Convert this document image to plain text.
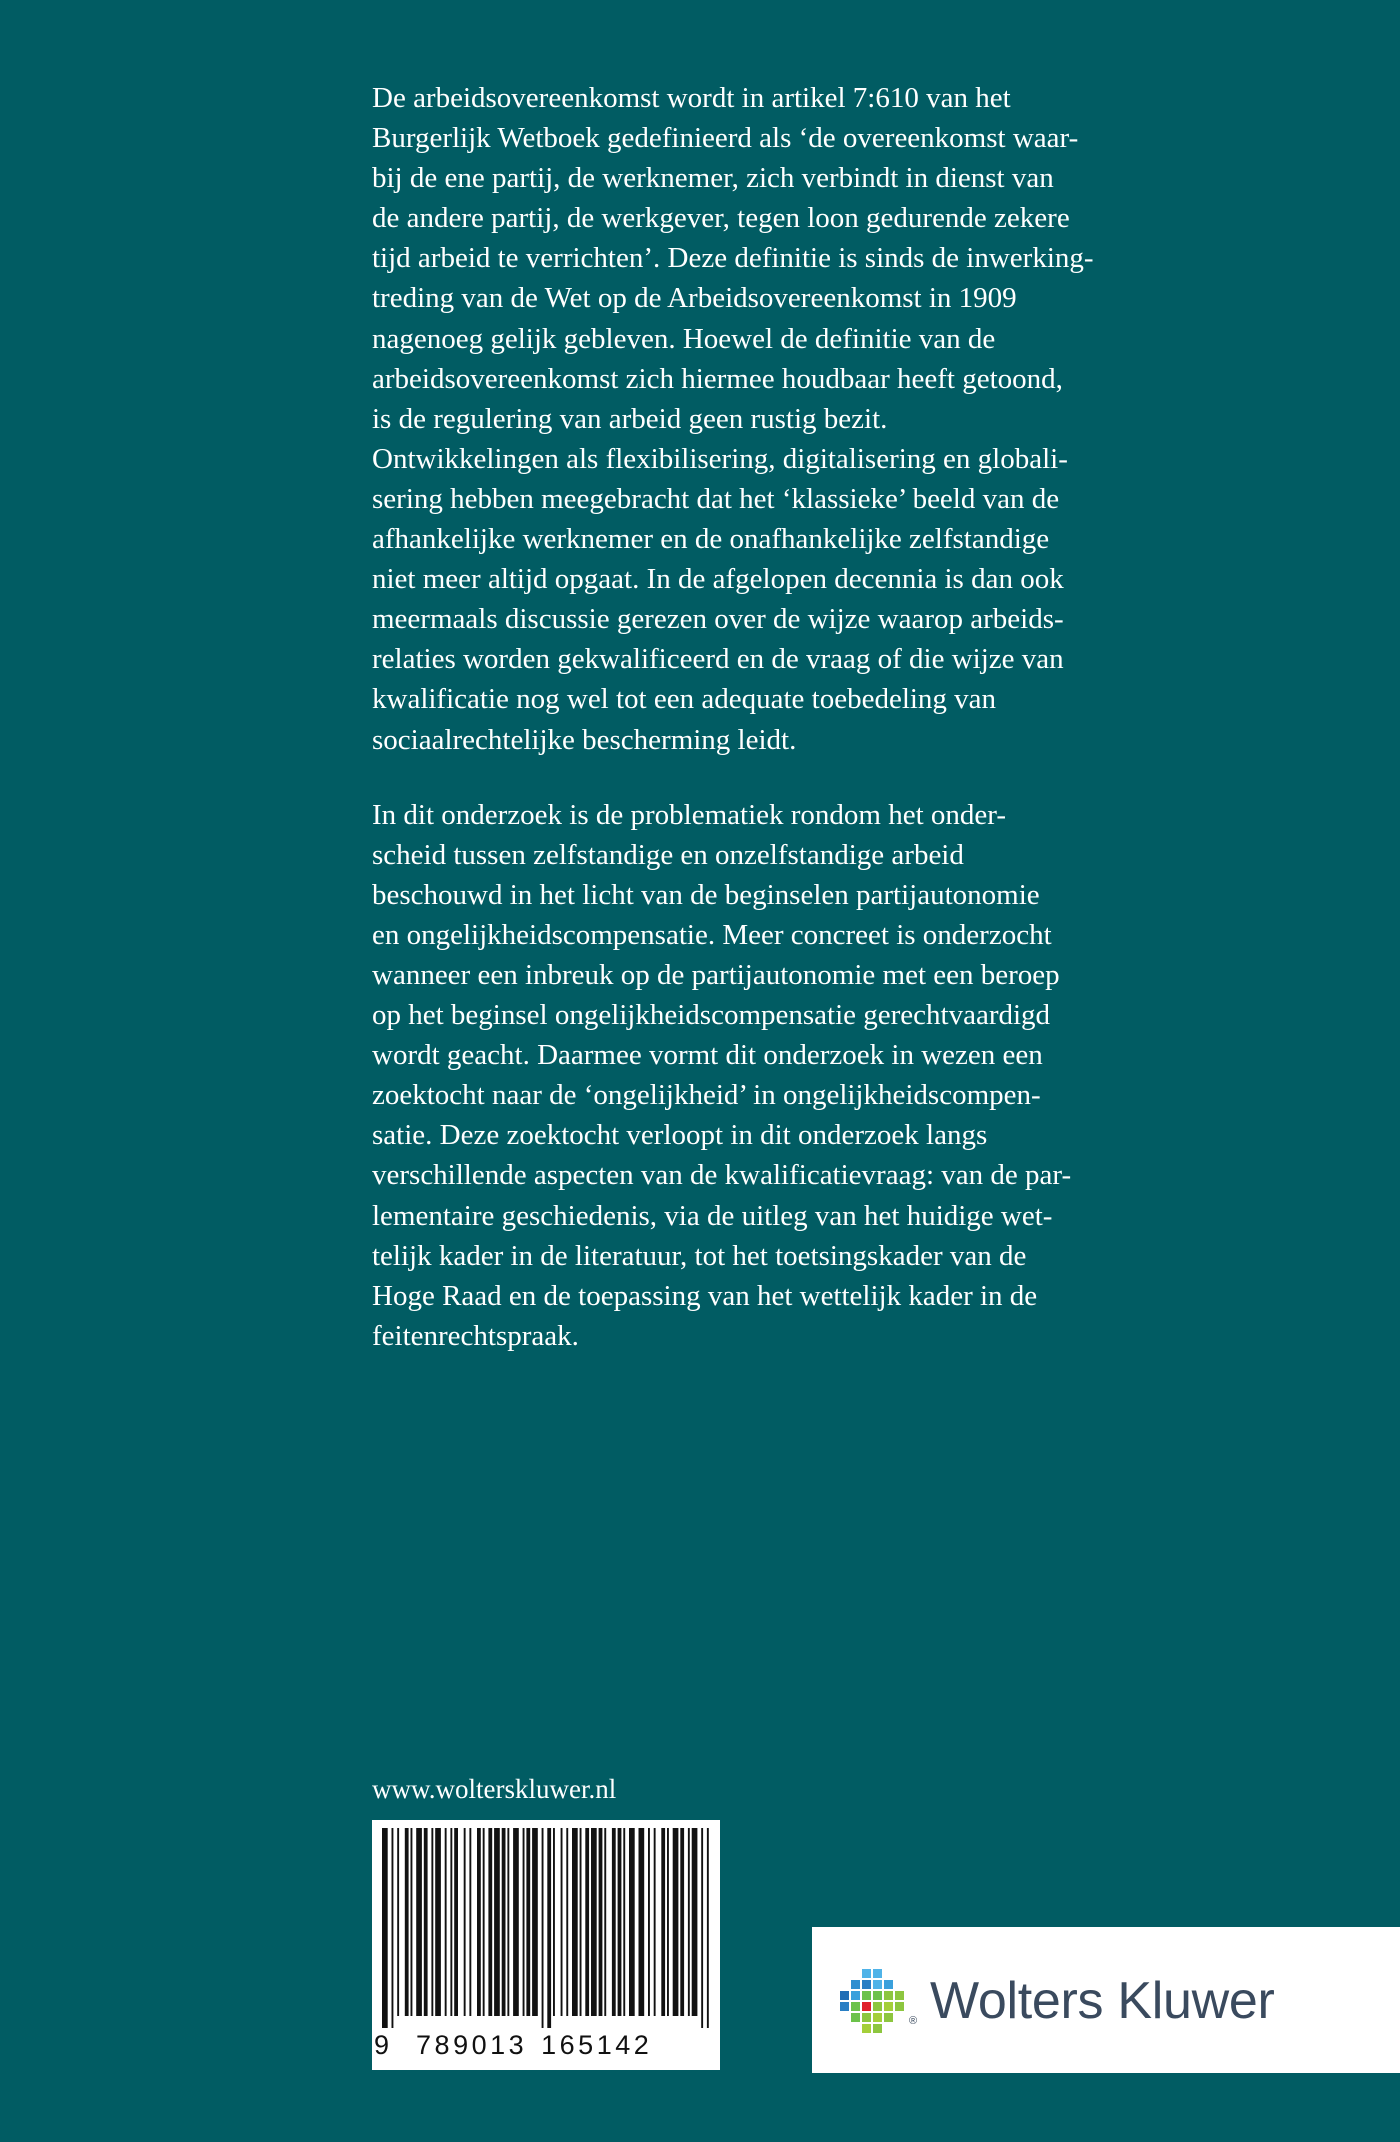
De arbeidsovereenkomst wordt in artikel 7:610 van het
Burgerlijk Wetboek gedefinieerd als ‘de overeenkomst waar-
bij de ene partij, de werknemer, zich verbindt in dienst van
de andere partij, de werkgever, tegen loon gedurende zekere
tijd arbeid te verrichten’. Deze definitie is sinds de inwerking-
treding van de Wet op de Arbeidsovereenkomst in 1909
nagenoeg gelijk gebleven. Hoewel de definitie van de
arbeidsovereenkomst zich hiermee houdbaar heeft getoond,
is de regulering van arbeid geen rustig bezit.
Ontwikkelingen als flexibilisering, digitalisering en globali-
sering hebben meegebracht dat het ‘klassieke’ beeld van de
afhankelijke werknemer en de onafhankelijke zelfstandige
niet meer altijd opgaat. In de afgelopen decennia is dan ook
meermaals discussie gerezen over de wijze waarop arbeids-
relaties worden gekwalificeerd en de vraag of die wijze van
kwalificatie nog wel tot een adequate toebedeling van
sociaalrechtelijke bescherming leidt.

In dit onderzoek is de problematiek rondom het onder-
scheid tussen zelfstandige en onzelfstandige arbeid
beschouwd in het licht van de beginselen partijautonomie
en ongelijkheidscompensatie. Meer concreet is onderzocht
wanneer een inbreuk op de partijautonomie met een beroep
op het beginsel ongelijkheidscompensatie gerechtvaardigd
wordt geacht. Daarmee vormt dit onderzoek in wezen een
zoektocht naar de ‘ongelijkheid’ in ongelijkheidscompen-
satie. Deze zoektocht verloopt in dit onderzoek langs
verschillende aspecten van de kwalificatievraag: van de par-
lementaire geschiedenis, via de uitleg van het huidige wet-
telijk kader in de literatuur, tot het toetsingskader van de
Hoge Raad en de toepassing van het wettelijk kader in de
feitenrechtspraak.

www.wolterskluwer.nl
9 789013 165142
® Wolters Kluwer
